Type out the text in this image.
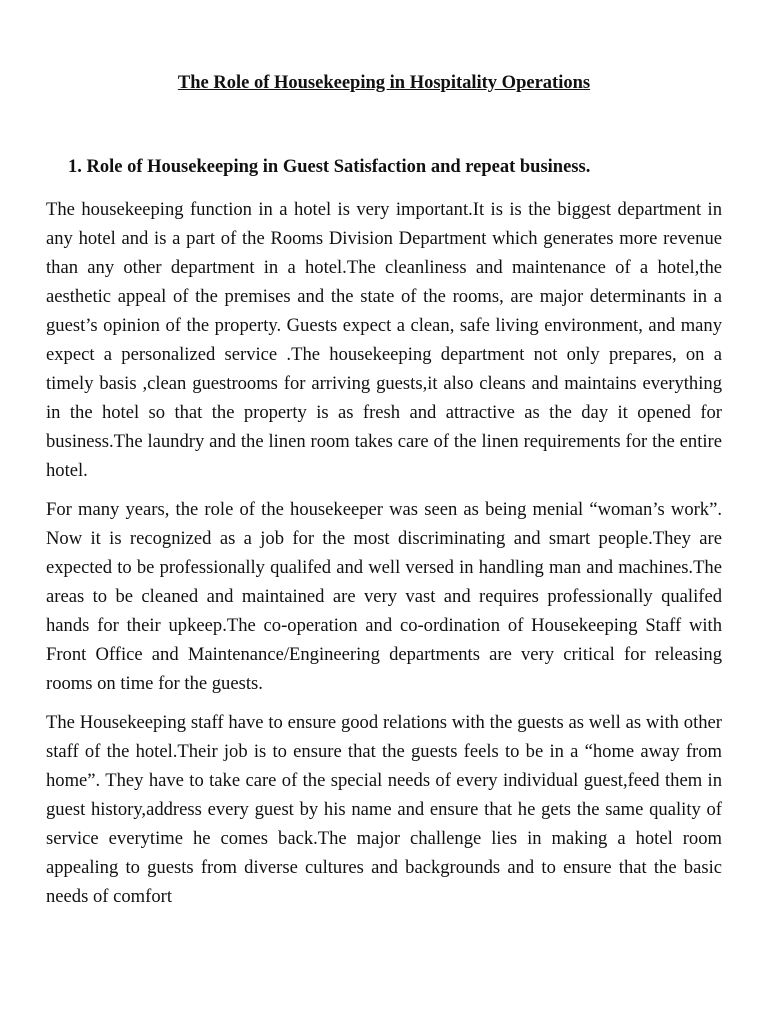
The Role of Housekeeping in Hospitality Operations
1. Role of Housekeeping in Guest Satisfaction and repeat business.

The housekeeping function in a hotel is very important.It is is the biggest department in any hotel and is a part of the Rooms Division Department which generates more revenue than any other department in a hotel.The cleanliness and maintenance of a hotel,the aesthetic appeal of the premises and the state of the rooms, are major determinants in a guest’s opinion of the property. Guests expect a clean, safe living environment, and many expect a personalized service .The housekeeping department not only prepares, on a timely basis ,clean guestrooms for arriving guests,it also cleans and maintains everything in the hotel so that the property is as fresh and attractive as the day it opened for business.The laundry and the linen room takes care of the linen requirements for the entire hotel.

For many years, the role of the housekeeper was seen as being menial “woman’s work”. Now it is recognized as a job for the most discriminating and smart people.They are expected to be professionally qualifed and well versed in handling man and machines.The areas to be cleaned and maintained are very vast and requires professionally qualifed hands for their upkeep.The co-operation and co-ordination of Housekeeping Staff with Front Office and Maintenance/Engineering departments are very critical for releasing rooms on time for the guests.

The Housekeeping staff have to ensure good relations with the guests as well as with other staff of the hotel.Their job is to ensure that the guests feels to be in a “home away from home”. They have to take care of the special needs of every individual guest,feed them in guest history,address every guest by his name and ensure that he gets the same quality of service everytime he comes back.The major challenge lies in making a hotel room appealing to guests from diverse cultures and backgrounds and to ensure that the basic needs of comfort
